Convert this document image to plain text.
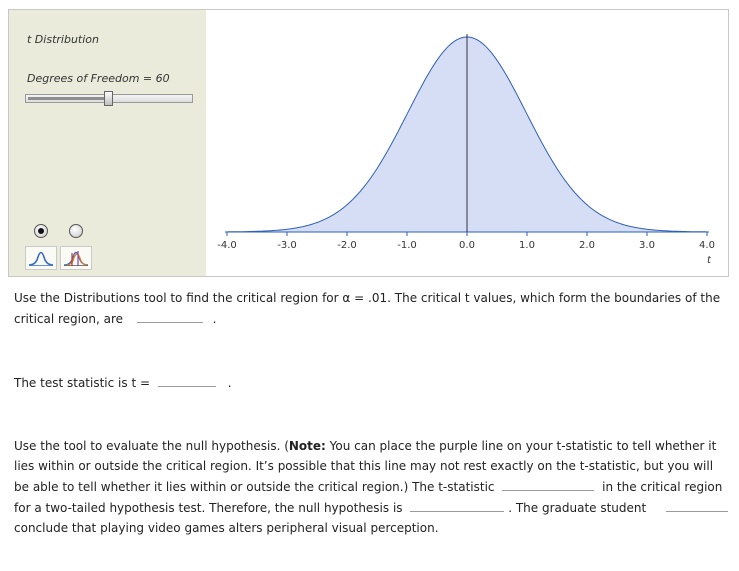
t Distribution
Degrees of Freedom = 60
-4.0	-3.0	-2.0	-1.0	0.0	1.0	2.0	3.0	4.0
t
Use the Distributions tool to find the critical region for α = .01. The critical t values, which form the boundaries of the
critical region, are	.
The test statistic is t =	.
Use the tool to evaluate the null hypothesis. (Note: You can place the purple line on your t-statistic to tell whether it
lies within or outside the critical region. It’s possible that this line may not rest exactly on the t-statistic, but you will
be able to tell whether it lies within or outside the critical region.) The t-statistic	in the critical region
for a two-tailed hypothesis test. Therefore, the null hypothesis is	. The graduate student
conclude that playing video games alters peripheral visual perception.
